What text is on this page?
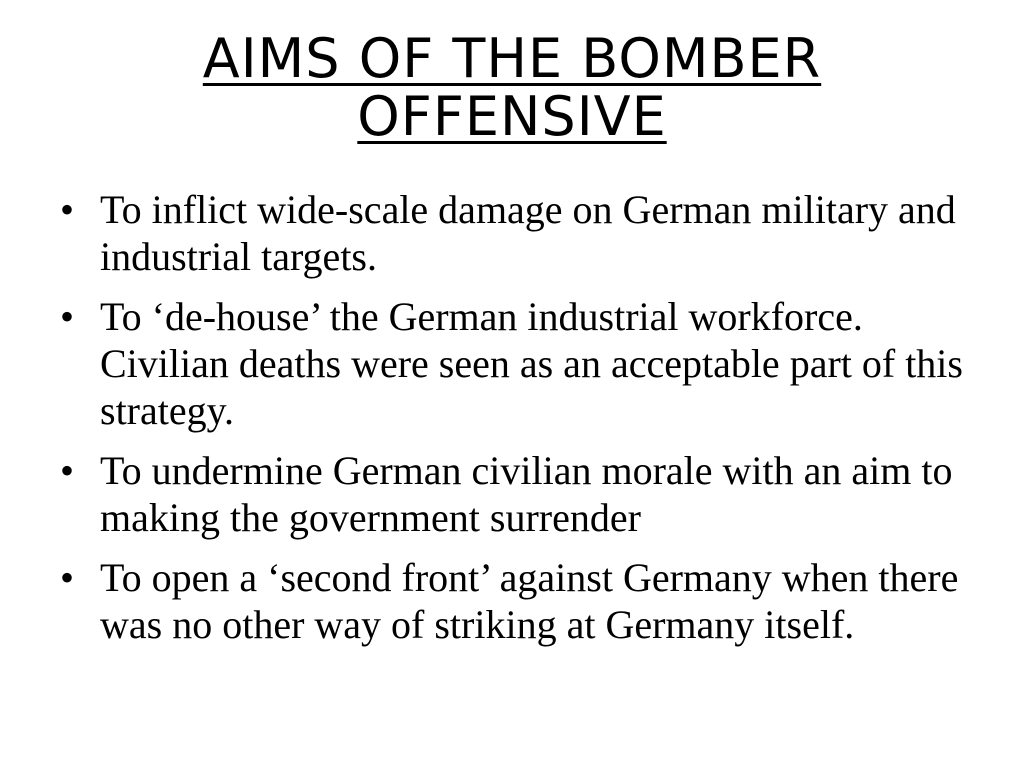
AIMS OF THE BOMBER
OFFENSIVE
• To inflict wide-scale damage on German military and industrial targets.
• To ‘de-house’ the German industrial workforce. Civilian deaths were seen as an acceptable part of this strategy.
• To undermine German civilian morale with an aim to making the government surrender
• To open a ‘second front’ against Germany when there was no other way of striking at Germany itself.
